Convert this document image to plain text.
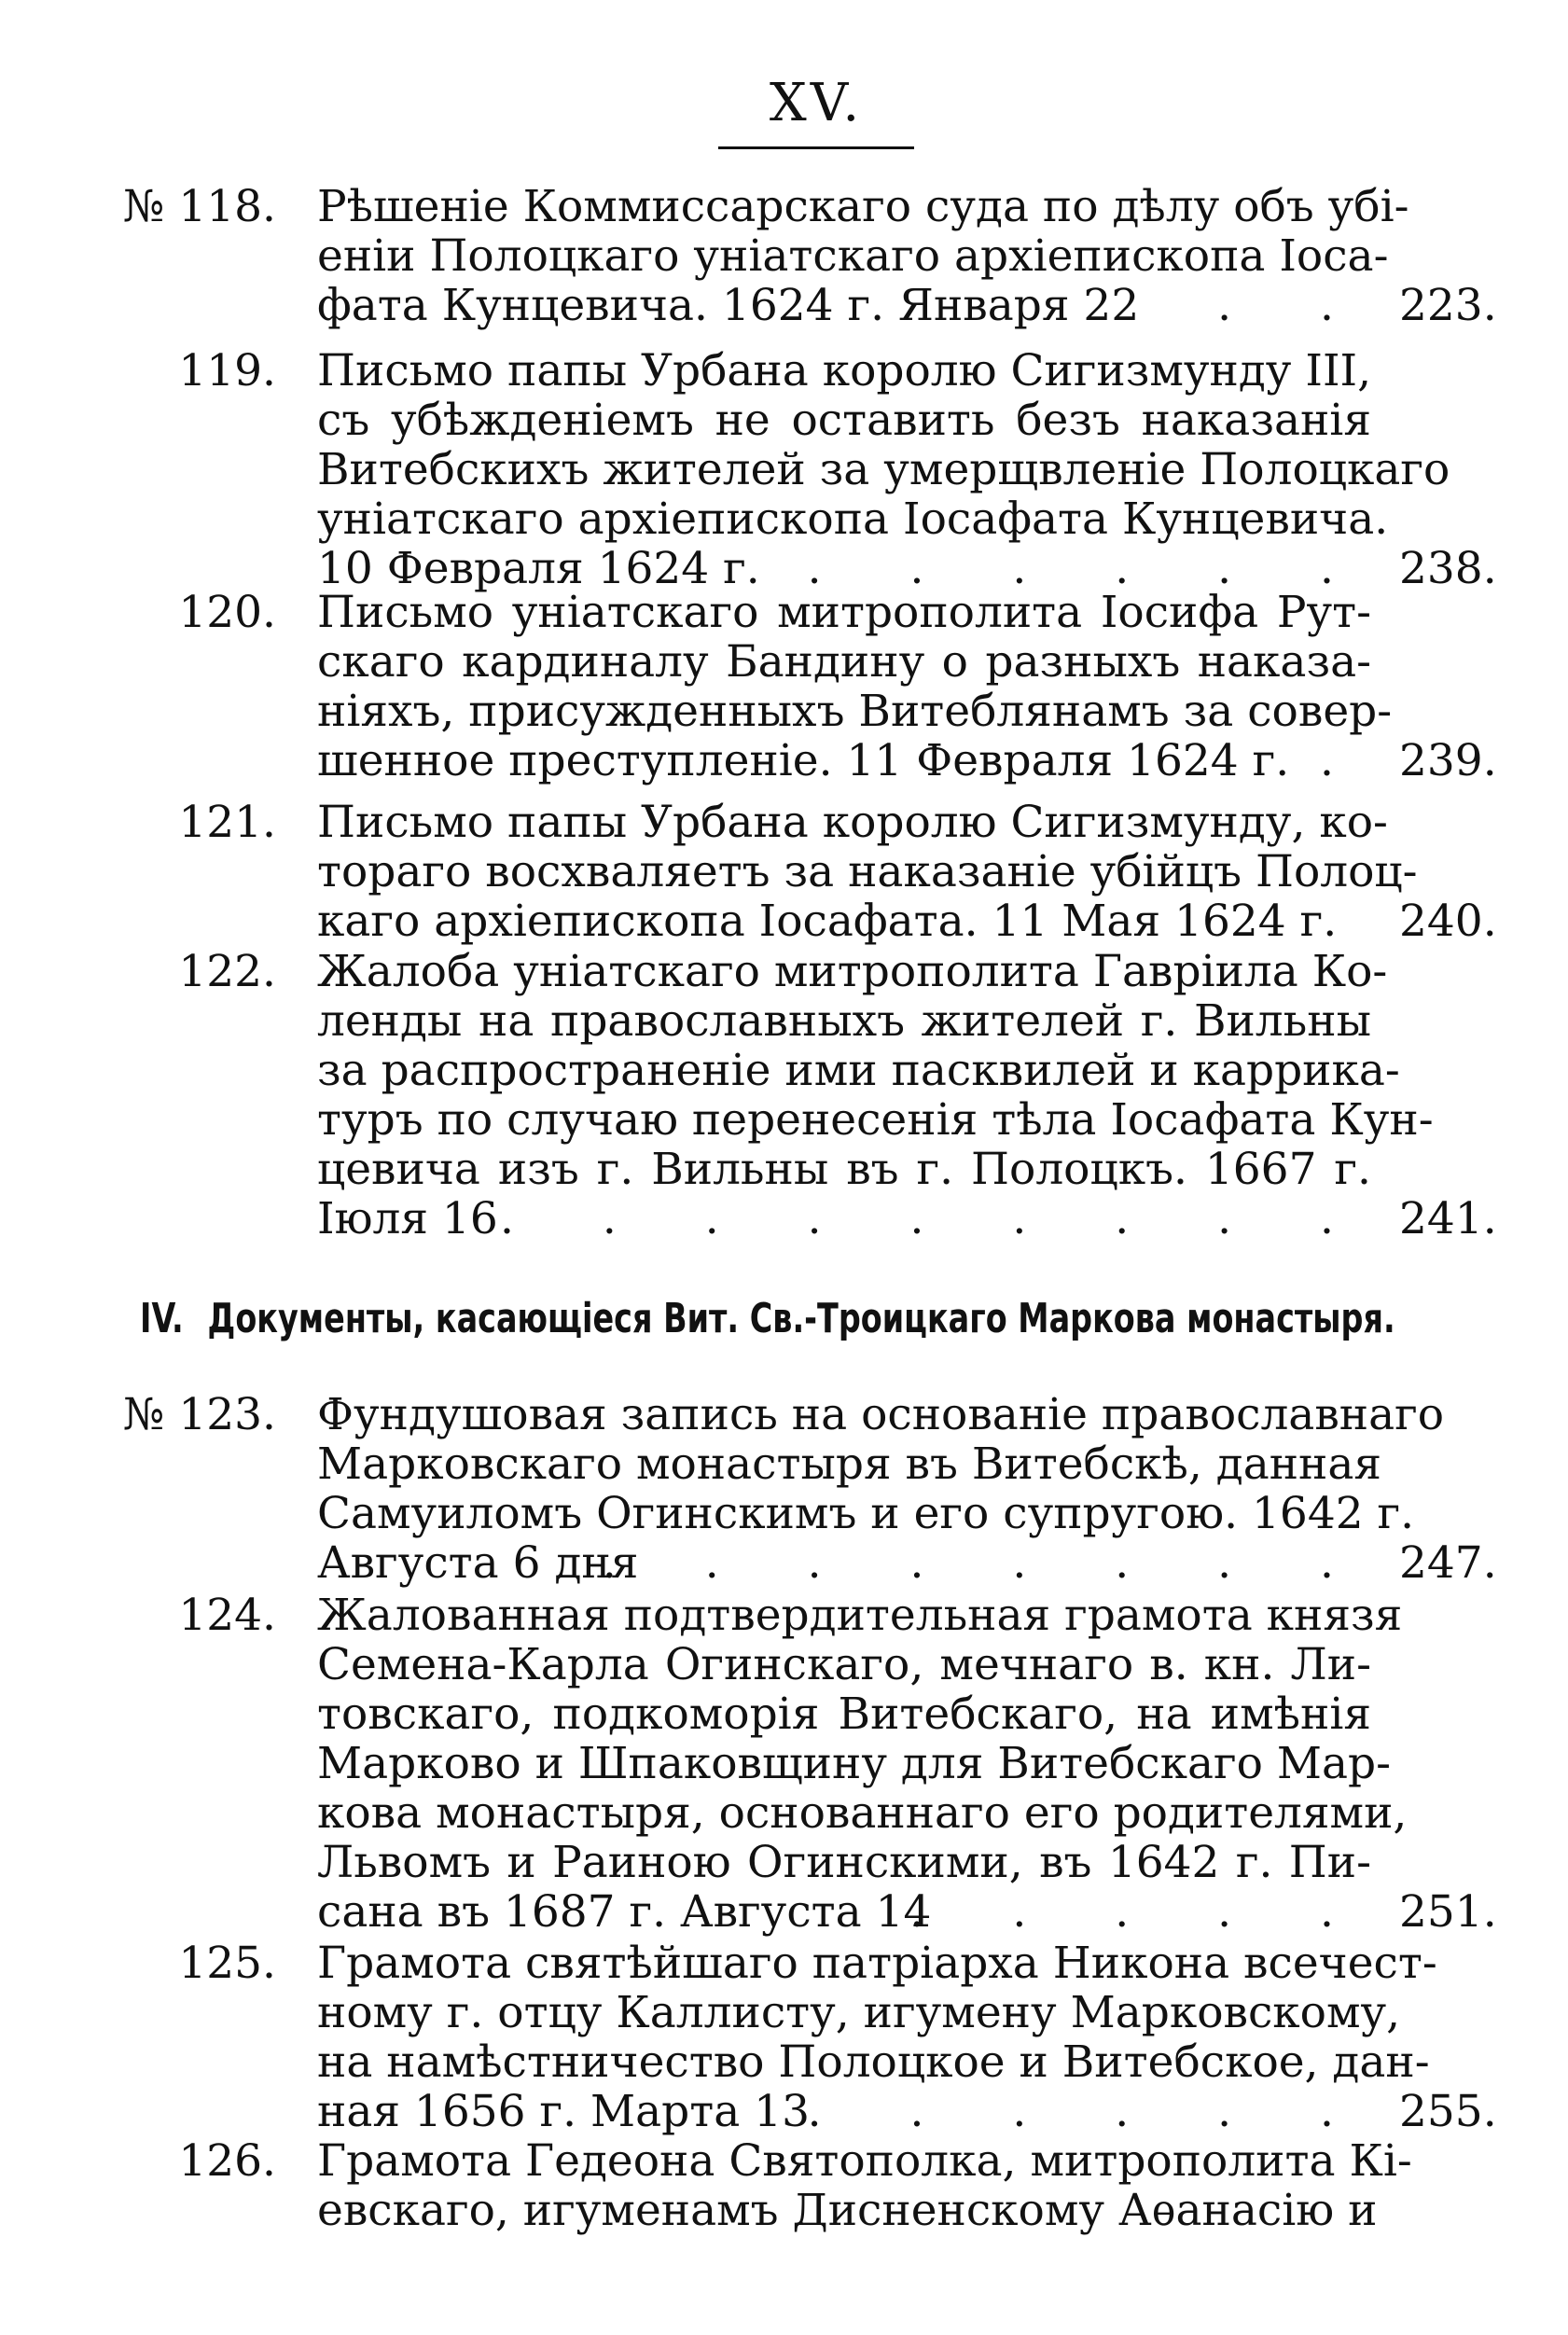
XV.
№ 118. Рѣшеніе Коммиссарскаго суда по дѣлу объ убі-
еніи Полоцкаго уніатскаго архіепископа Іоса-
фата Кунцевича. 1624 г. Января 22 . . 223.
119. Письмо папы Урбана королю Сигизмунду III,
съ убѣжденіемъ не оставить безъ наказанія
Витебскихъ жителей за умерщвленіе Полоцкаго
уніатскаго архіепископа Іосафата Кунцевича.
10 Февраля 1624 г. . . . . . . 238.
120. Письмо уніатскаго митрополита Іосифа Рут-
скаго кардиналу Бандину о разныхъ наказа-
ніяхъ, присужденныхъ Витеблянамъ за совер-
шенное преступленіе. 11 Февраля 1624 г. . 239.
121. Письмо папы Урбана королю Сигизмунду, ко-
тораго восхваляетъ за наказаніе убійцъ Полоц-
каго архіепископа Іосафата. 11 Мая 1624 г.	240.
122. Жалоба уніатскаго митрополита Гавріила Ко-
ленды на православныхъ жителей г. Вильны
за распространеніе ими пасквилей и каррика-
туръ по случаю перенесенія тѣла Іосафата Кун-
цевича изъ г. Вильны въ г. Полоцкъ. 1667 г.
Іюля 16 . . . . . . . . . 241.
IV. Документы, касающіеся Вит. Св.-Троицкаго Маркова монастыря.
№ 123. Фундушовая запись на основаніе православнаго
Марковскаго монастыря въ Витебскѣ, данная
Самуиломъ Огинскимъ и его супругою. 1642 г.
Августа 6 дня
. . . . . . . . 247.
124. Жалованная подтвердительная грамота князя
Семена-Карла Огинскаго, мечнаго в. кн. Ли-
товскаго, подкоморія Витебскаго, на имѣнія
Марково и Шпаковщину для Витебскаго Мар-
кова монастыря, основаннаго его родителями,
Львомъ и Раиною Огинскими, въ 1642 г. Пи-
сана въ 1687 г. Августа 14
. . . . . 251.
125. Грамота святѣйшаго патріарха Никона всечест-
ному г. отцу Каллисту, игумену Марковскому,
на намѣстничество Полоцкое и Витебское, дан-
ная 1656 г. Марта 13
. . . . . . 255.
126. Грамота Гедеона Святополка, митрополита Кі-
евскаго, игуменамъ Дисненскому Аѳанасію и
